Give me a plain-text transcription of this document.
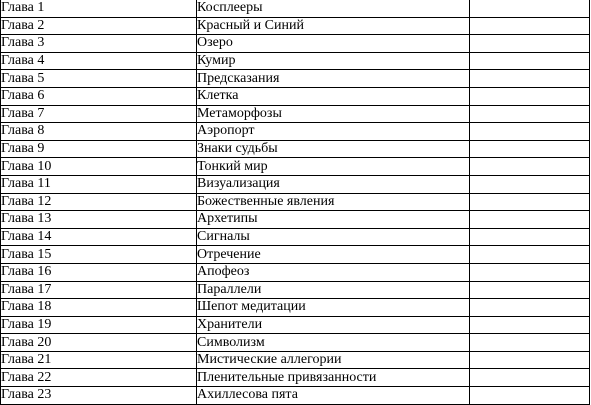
Глава 1	Косплееры	
Глава 2	Красный и Синий	
Глава 3	Озеро	
Глава 4	Кумир	
Глава 5	Предсказания	
Глава 6	Клетка	
Глава 7	Метаморфозы	
Глава 8	Аэропорт	
Глава 9	Знаки судьбы	
Глава 10	Тонкий мир	
Глава 11	Визуализация	
Глава 12	Божественные явления	
Глава 13	Архетипы	
Глава 14	Сигналы	
Глава 15	Отречение	
Глава 16	Апофеоз	
Глава 17	Параллели	
Глава 18	Шепот медитации	
Глава 19	Хранители	
Глава 20	Символизм	
Глава 21	Мистические аллегории	
Глава 22	Пленительные привязанности	
Глава 23	Ахиллесова пята	
